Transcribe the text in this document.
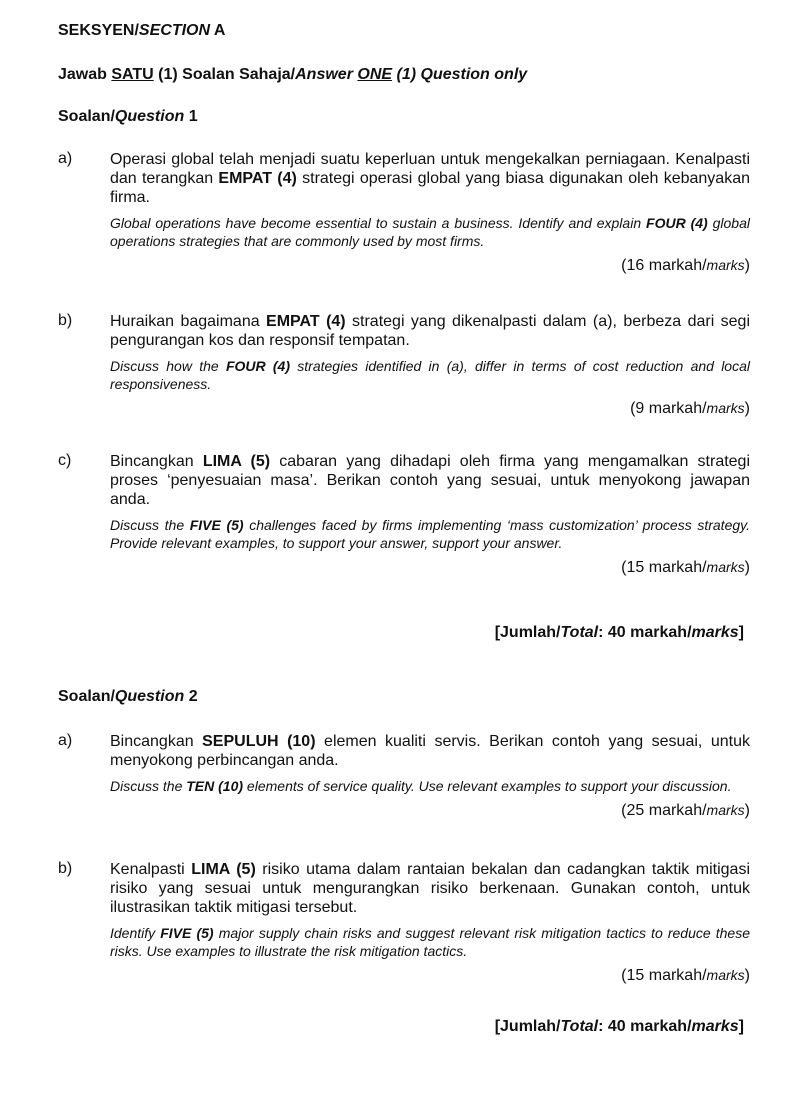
SEKSYEN/SECTION A
Jawab SATU (1) Soalan Sahaja/Answer ONE (1) Question only
Soalan/Question 1
a) Operasi global telah menjadi suatu keperluan untuk mengekalkan perniagaan. Kenalpasti dan terangkan EMPAT (4) strategi operasi global yang biasa digunakan oleh kebanyakan firma.
Global operations have become essential to sustain a business. Identify and explain FOUR (4) global operations strategies that are commonly used by most firms.
(16 markah/marks)
b) Huraikan bagaimana EMPAT (4) strategi yang dikenalpasti dalam (a), berbeza dari segi pengurangan kos dan responsif tempatan.
Discuss how the FOUR (4) strategies identified in (a), differ in terms of cost reduction and local responsiveness.
(9 markah/marks)
c) Bincangkan LIMA (5) cabaran yang dihadapi oleh firma yang mengamalkan strategi proses ‘penyesuaian masa’. Berikan contoh yang sesuai, untuk menyokong jawapan anda.
Discuss the FIVE (5) challenges faced by firms implementing ‘mass customization’ process strategy. Provide relevant examples, to support your answer, support your answer.
(15 markah/marks)
[Jumlah/Total: 40 markah/marks]
Soalan/Question 2
a) Bincangkan SEPULUH (10) elemen kualiti servis. Berikan contoh yang sesuai, untuk menyokong perbincangan anda.
Discuss the TEN (10) elements of service quality. Use relevant examples to support your discussion.
(25 markah/marks)
b) Kenalpasti LIMA (5) risiko utama dalam rantaian bekalan dan cadangkan taktik mitigasi risiko yang sesuai untuk mengurangkan risiko berkenaan. Gunakan contoh, untuk ilustrasikan taktik mitigasi tersebut.
Identify FIVE (5) major supply chain risks and suggest relevant risk mitigation tactics to reduce these risks. Use examples to illustrate the risk mitigation tactics.
(15 markah/marks)
[Jumlah/Total: 40 markah/marks]
